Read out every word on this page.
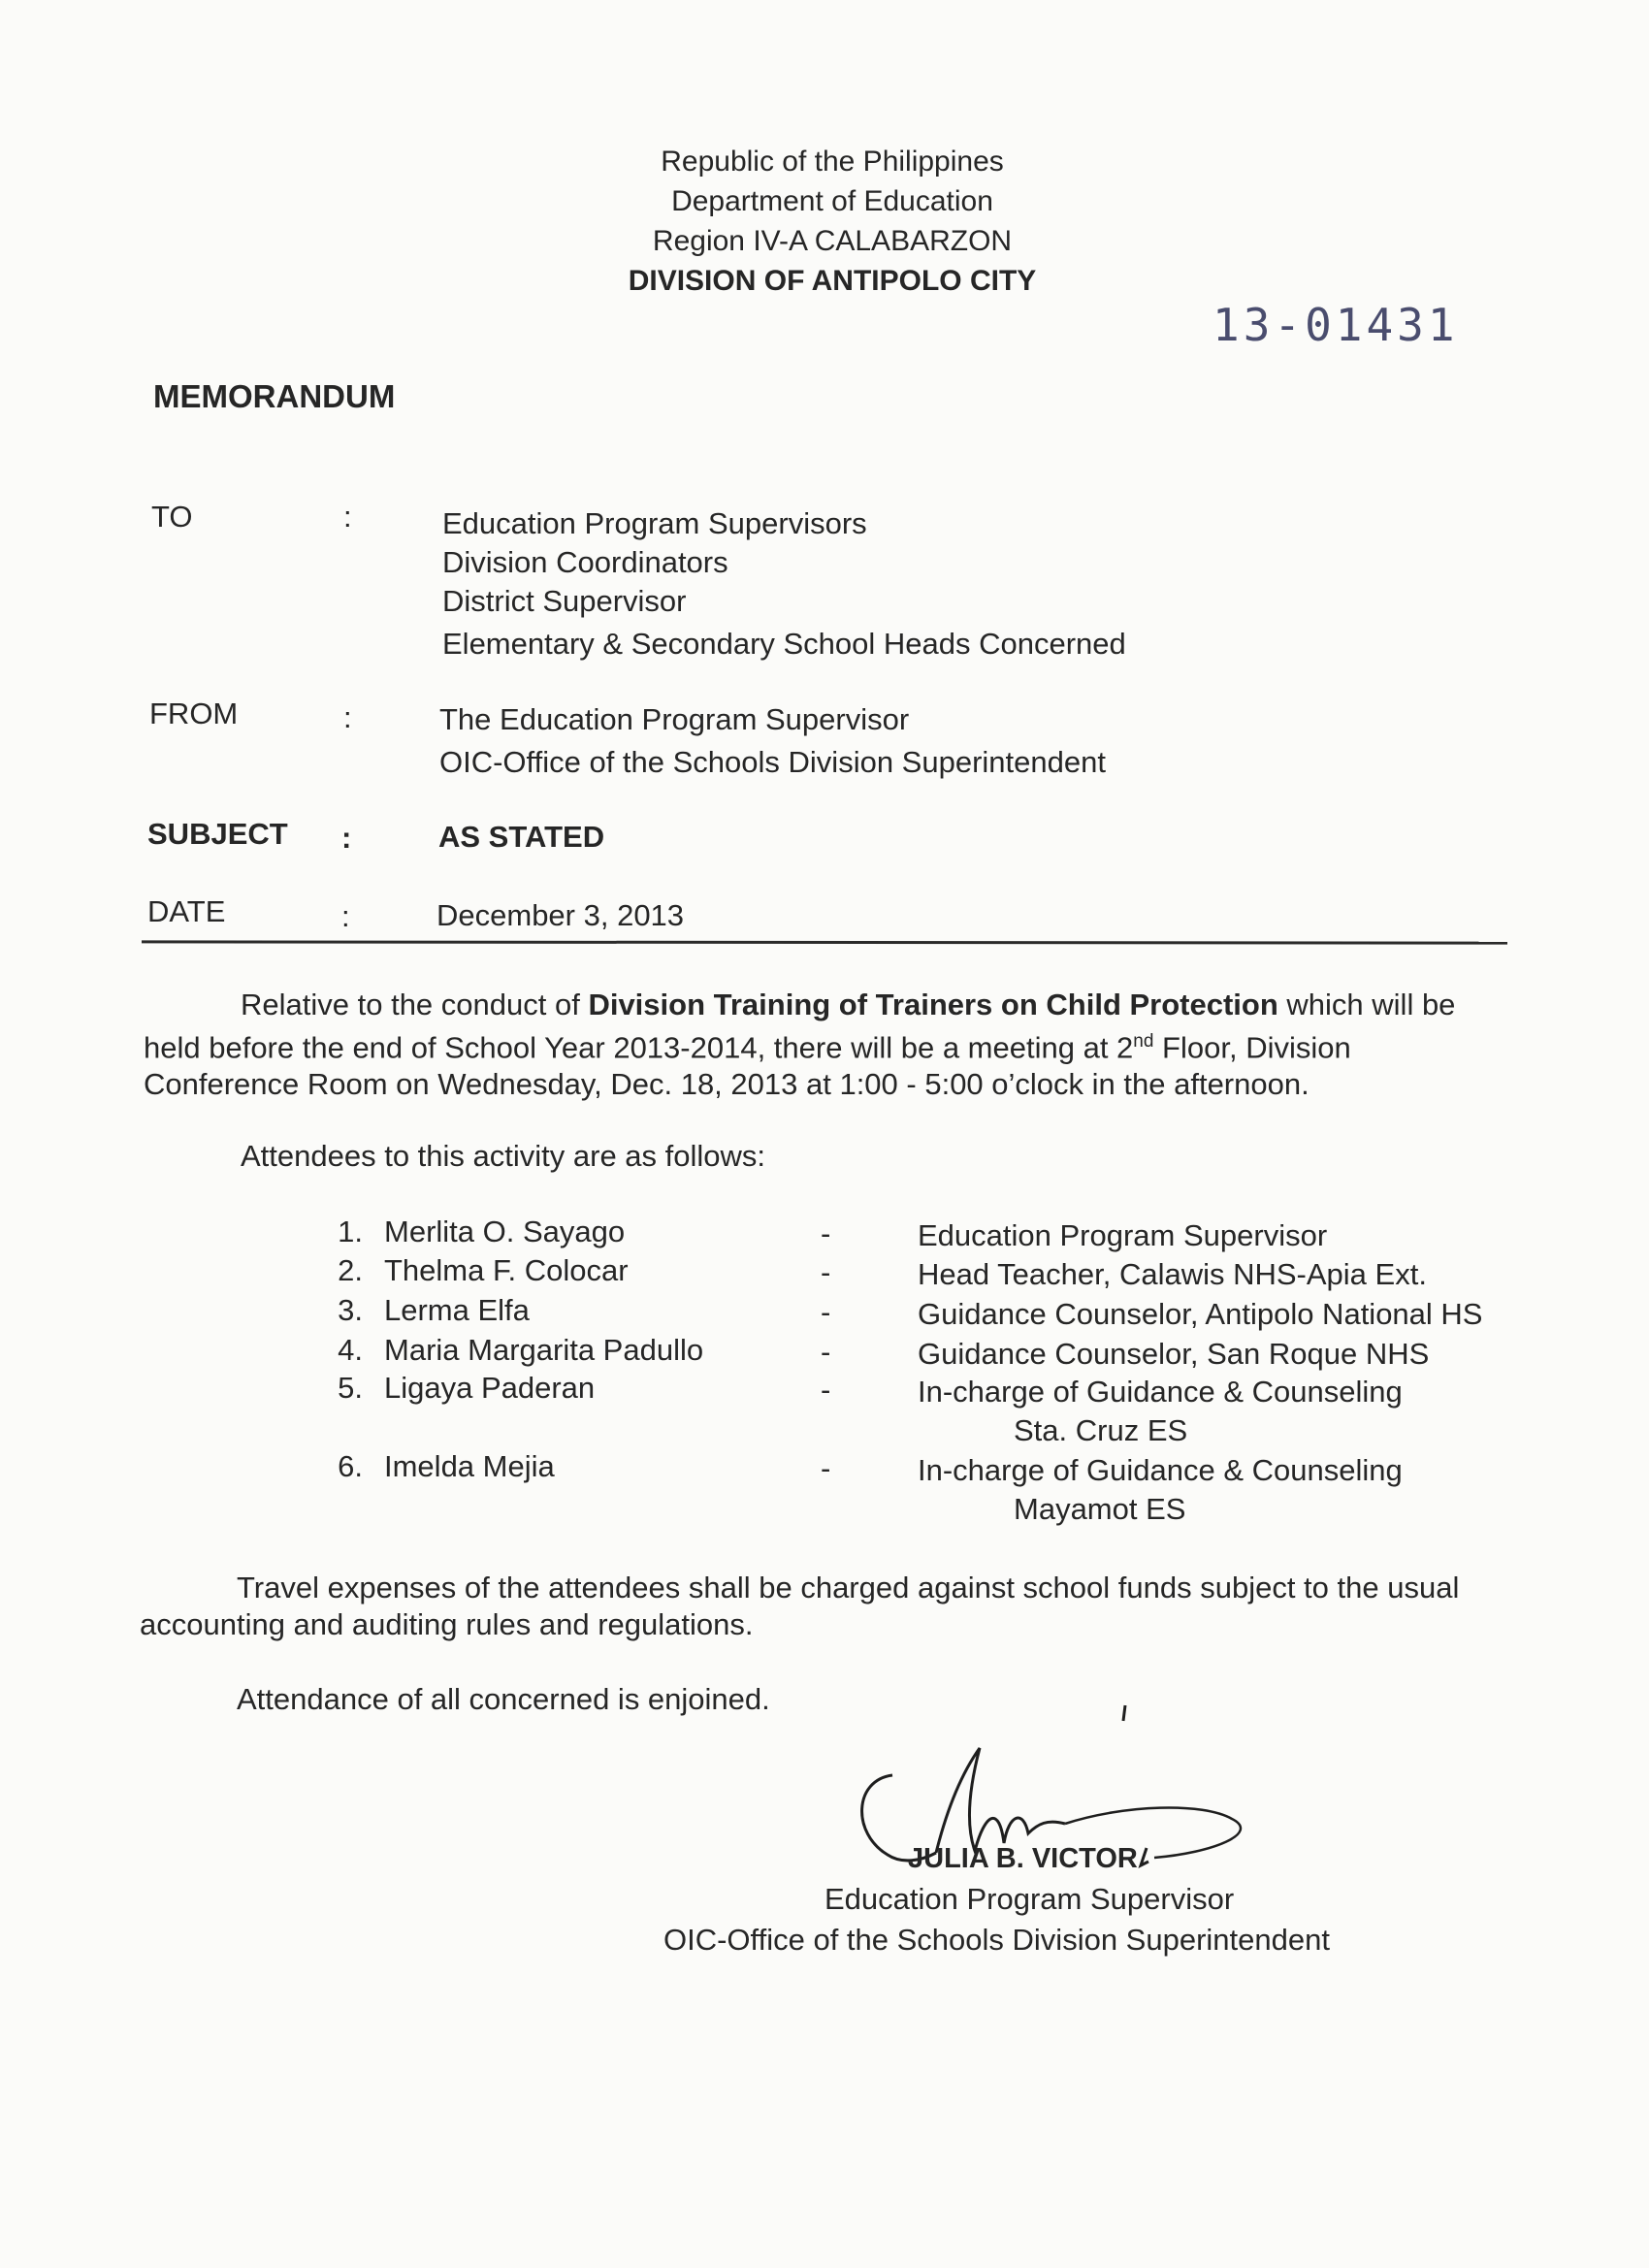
Republic of the Philippines
Department of Education
Region IV-A CALABARZON
DIVISION OF ANTIPOLO CITY
13-01431
MEMORANDUM
TO	:	Education Program Supervisors
Division Coordinators
District Supervisor
Elementary & Secondary School Heads Concerned
FROM	:	The Education Program Supervisor
OIC-Office of the Schools Division Superintendent
SUBJECT :	AS STATED
DATE	:	December 3, 2013
Relative to the conduct of Division Training of Trainers on Child Protection which will be held before the end of School Year 2013-2014, there will be a meeting at 2nd Floor, Division Conference Room on Wednesday, Dec. 18, 2013 at 1:00 - 5:00 o’clock in the afternoon.
Attendees to this activity are as follows:
1. Merlita O. Sayago	-	Education Program Supervisor
2. Thelma F. Colocar	-	Head Teacher, Calawis NHS-Apia Ext.
3. Lerma Elfa	-	Guidance Counselor, Antipolo National HS
4. Maria Margarita Padullo	-	Guidance Counselor, San Roque NHS
5. Ligaya Paderan	-	In-charge of Guidance & Counseling
Sta. Cruz ES
6. Imelda Mejia	-	In-charge of Guidance & Counseling
Mayamot ES
Travel expenses of the attendees shall be charged against school funds subject to the usual accounting and auditing rules and regulations.
Attendance of all concerned is enjoined.
JULIA B. VICTOR
Education Program Supervisor
OIC-Office of the Schools Division Superintendent
